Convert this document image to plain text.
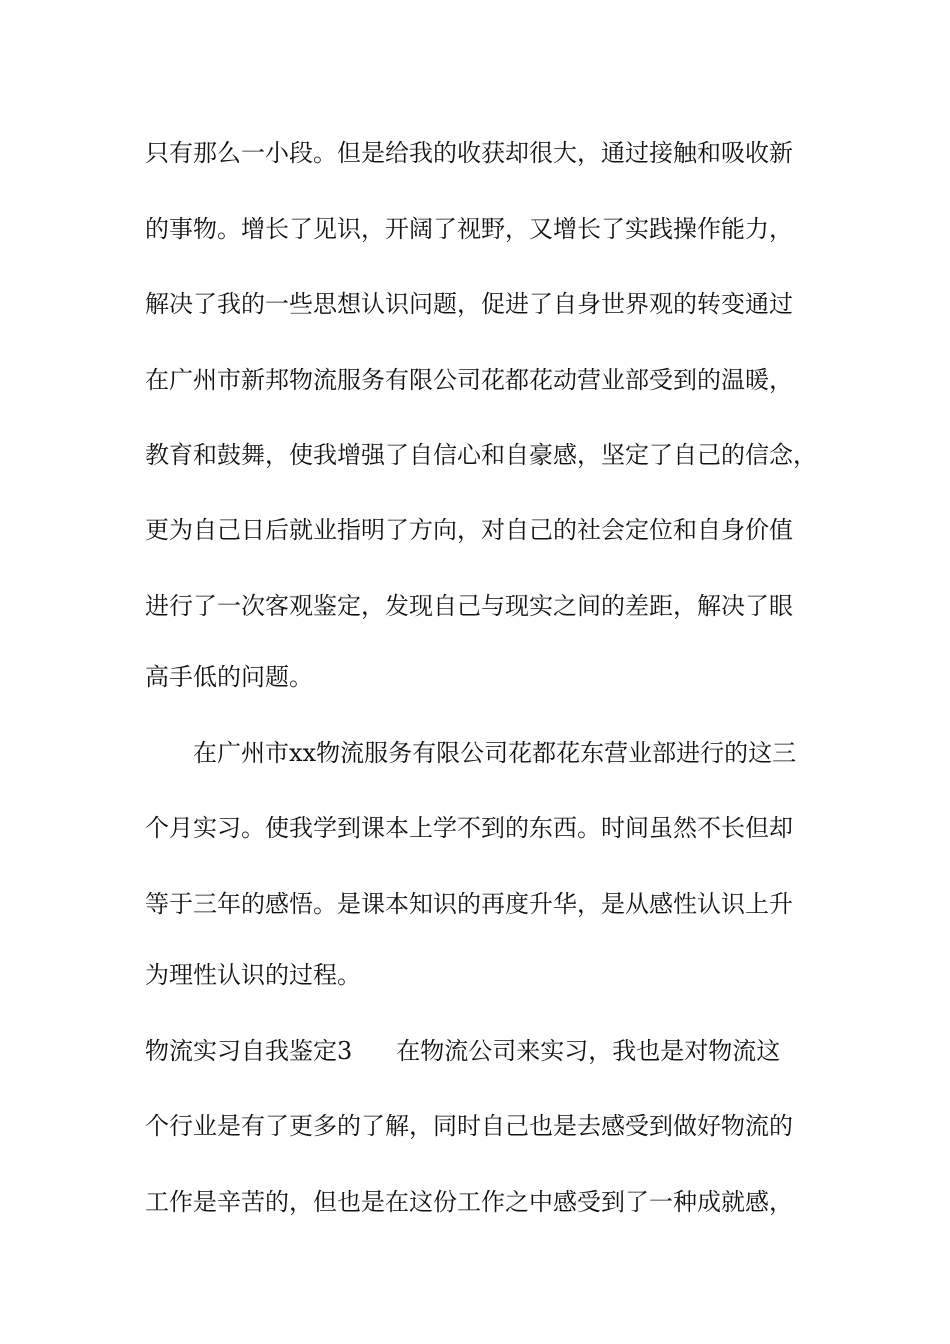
只有那么一小段。但是给我的收获却很大，通过接触和吸收新

的事物。增长了见识，开阔了视野，又增长了实践操作能力，

解决了我的一些思想认识问题，促进了自身世界观的转变通过

在广州市新邦物流服务有限公司花都花动营业部受到的温暖，

教育和鼓舞，使我增强了自信心和自豪感，坚定了自己的信念，

更为自己日后就业指明了方向，对自己的社会定位和自身价值

进行了一次客观鉴定，发现自己与现实之间的差距，解决了眼

高手低的问题。

在广州市xx物流服务有限公司花都花东营业部进行的这三

个月实习。使我学到课本上学不到的东西。时间虽然不长但却

等于三年的感悟。是课本知识的再度升华，是从感性认识上升

为理性认识的过程。

物流实习自我鉴定3 在物流公司来实习，我也是对物流这

个行业是有了更多的了解，同时自己也是去感受到做好物流的

工作是辛苦的，但也是在这份工作之中感受到了一种成就感，
